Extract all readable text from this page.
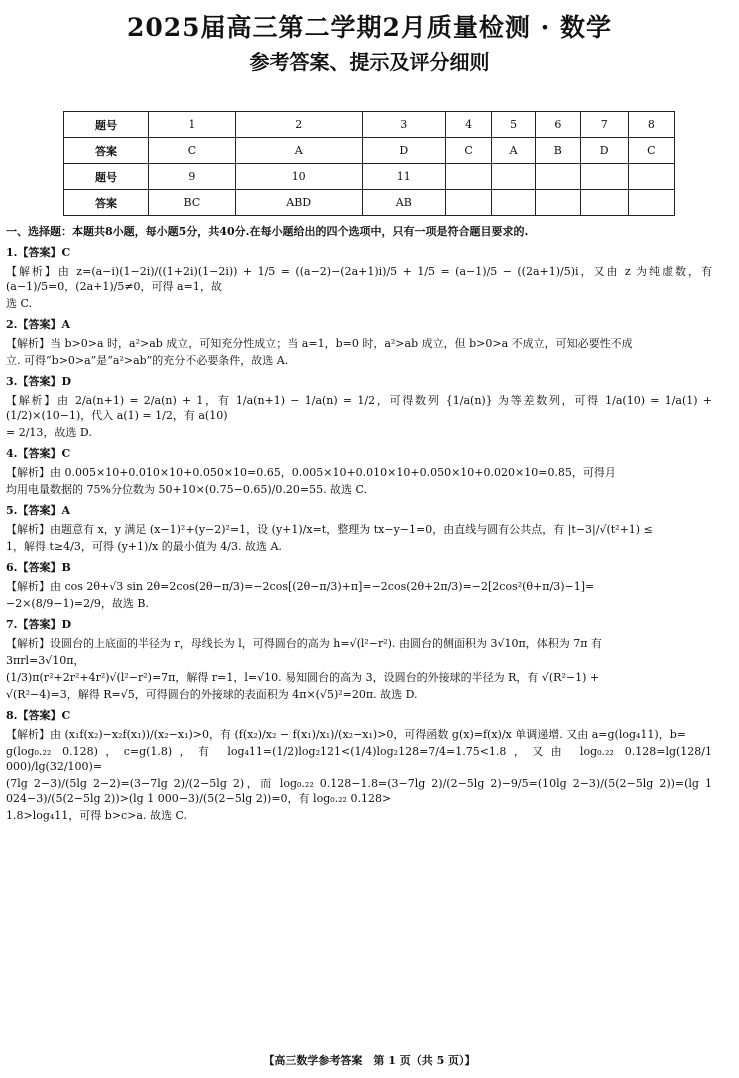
2025届高三第二学期2月质量检测 · 数学
参考答案、提示及评分细则
题号	1	2	3	4	5	6	7	8
答案	C	A	D	C	A	B	D	C
题号	9	10	11					
答案	BC	ABD	AB					

一、选择题：本题共8小题，每小题5分，共40分.在每小题给出的四个选项中，只有一项是符合题目要求的.

1.【答案】C

【解析】由 z=(a−i)(1−2i)/((1+2i)(1−2i)) + 1/5 = ((a−2)−(2a+1)i)/5 + 1/5 = (a−1)/5 − ((2a+1)/5)i，又由 z 为纯虚数，有 (a−1)/5=0，(2a+1)/5≠0，可得 a=1，故

选 C.

2.【答案】A

【解析】当 b>0>a 时，a²>ab 成立，可知充分性成立；当 a=1，b=0 时，a²>ab 成立，但 b>0>a 不成立，可知必要性不成

立. 可得“b>0>a”是“a²>ab”的充分不必要条件，故选 A.

3.【答案】D

【解析】由 2/a(n+1) = 2/a(n) + 1，有 1/a(n+1) − 1/a(n) = 1/2，可得数列 {1/a(n)} 为等差数列，可得 1/a(10) = 1/a(1) + (1/2)×(10−1)，代入 a(1) = 1/2，有 a(10)

= 2/13，故选 D.

4.【答案】C

【解析】由 0.005×10+0.010×10+0.050×10=0.65，0.005×10+0.010×10+0.050×10+0.020×10=0.85，可得月

均用电量数据的 75%分位数为 50+10×(0.75−0.65)/0.20=55. 故选 C.

5.【答案】A

【解析】由题意有 x，y 满足 (x−1)²+(y−2)²=1，设 (y+1)/x=t，整理为 tx−y−1=0，由直线与圆有公共点，有 |t−3|/√(t²+1) ≤

1，解得 t≥4/3，可得 (y+1)/x 的最小值为 4/3. 故选 A.

6.【答案】B

【解析】由 cos 2θ+√3 sin 2θ=2cos(2θ−π/3)=−2cos[(2θ−π/3)+π]=−2cos(2θ+2π/3)=−2[2cos²(θ+π/3)−1]=

−2×(8/9−1)=2/9，故选 B.

7.【答案】D

【解析】设圆台的上底面的半径为 r，母线长为 l，可得圆台的高为 h=√(l²−r²). 由圆台的侧面积为 3√10π，体积为 7π 有

3πrl=3√10π，

(1/3)π(r²+2r²+4r²)√(l²−r²)=7π，解得 r=1，l=√10. 易知圆台的高为 3，设圆台的外接球的半径为 R，有 √(R²−1) +

√(R²−4)=3，解得 R=√5，可得圆台的外接球的表面积为 4π×(√5)²=20π. 故选 D.

8.【答案】C

【解析】由 (x₁f(x₂)−x₂f(x₁))/(x₂−x₁)>0，有 (f(x₂)/x₂ − f(x₁)/x₁)/(x₂−x₁)>0，可得函数 g(x)=f(x)/x 单调递增. 又由 a=g(log₄11)，b=

g(log₀.₂₂ 0.128)，c=g(1.8)，有 log₄11=(1/2)log₂121<(1/4)log₂128=7/4=1.75<1.8，又由 log₀.₂₂ 0.128=lg(128/1 000)/lg(32/100)=

(7lg 2−3)/(5lg 2−2)=(3−7lg 2)/(2−5lg 2)，而 log₀.₂₂ 0.128−1.8=(3−7lg 2)/(2−5lg 2)−9/5=(10lg 2−3)/(5(2−5lg 2))=(lg 1 024−3)/(5(2−5lg 2))>(lg 1 000−3)/(5(2−5lg 2))=0，有 log₀.₂₂ 0.128>

1.8>log₄11，可得 b>c>a. 故选 C.

【高三数学参考答案　第 1 页（共 5 页）】
